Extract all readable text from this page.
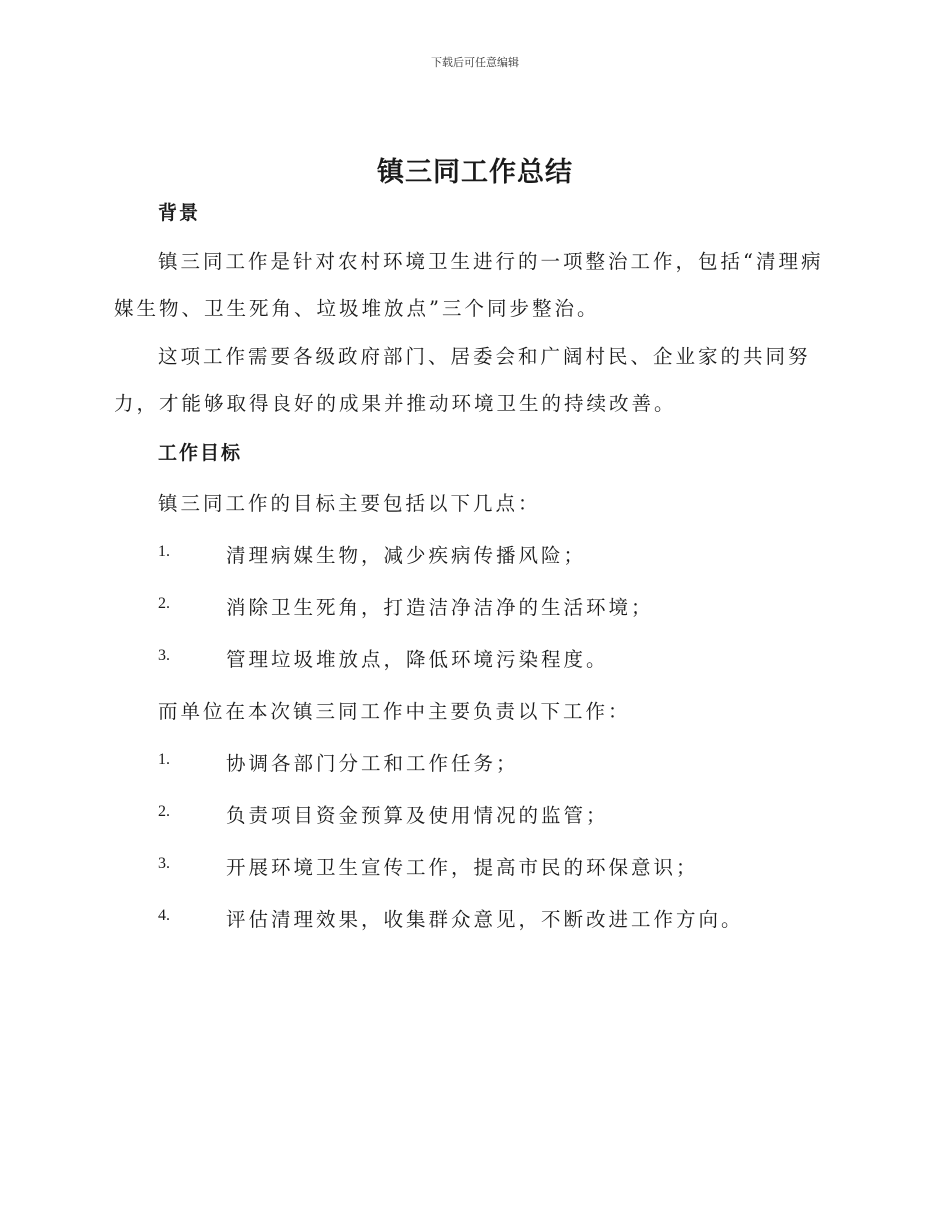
下载后可任意编辑
镇三同工作总结
背景
镇三同工作是针对农村环境卫生进行的一项整治工作，包括“清理病媒生物、卫生死角、垃圾堆放点”三个同步整治。
这项工作需要各级政府部门、居委会和广阔村民、企业家的共同努力，才能够取得良好的成果并推动环境卫生的持续改善。
工作目标
镇三同工作的目标主要包括以下几点：
1.	清理病媒生物，减少疾病传播风险；
2.	消除卫生死角，打造洁净洁净的生活环境；
3.	管理垃圾堆放点，降低环境污染程度。
而单位在本次镇三同工作中主要负责以下工作：
1.	协调各部门分工和工作任务；
2.	负责项目资金预算及使用情况的监管；
3.	开展环境卫生宣传工作，提高市民的环保意识；
4.	评估清理效果，收集群众意见，不断改进工作方向。
